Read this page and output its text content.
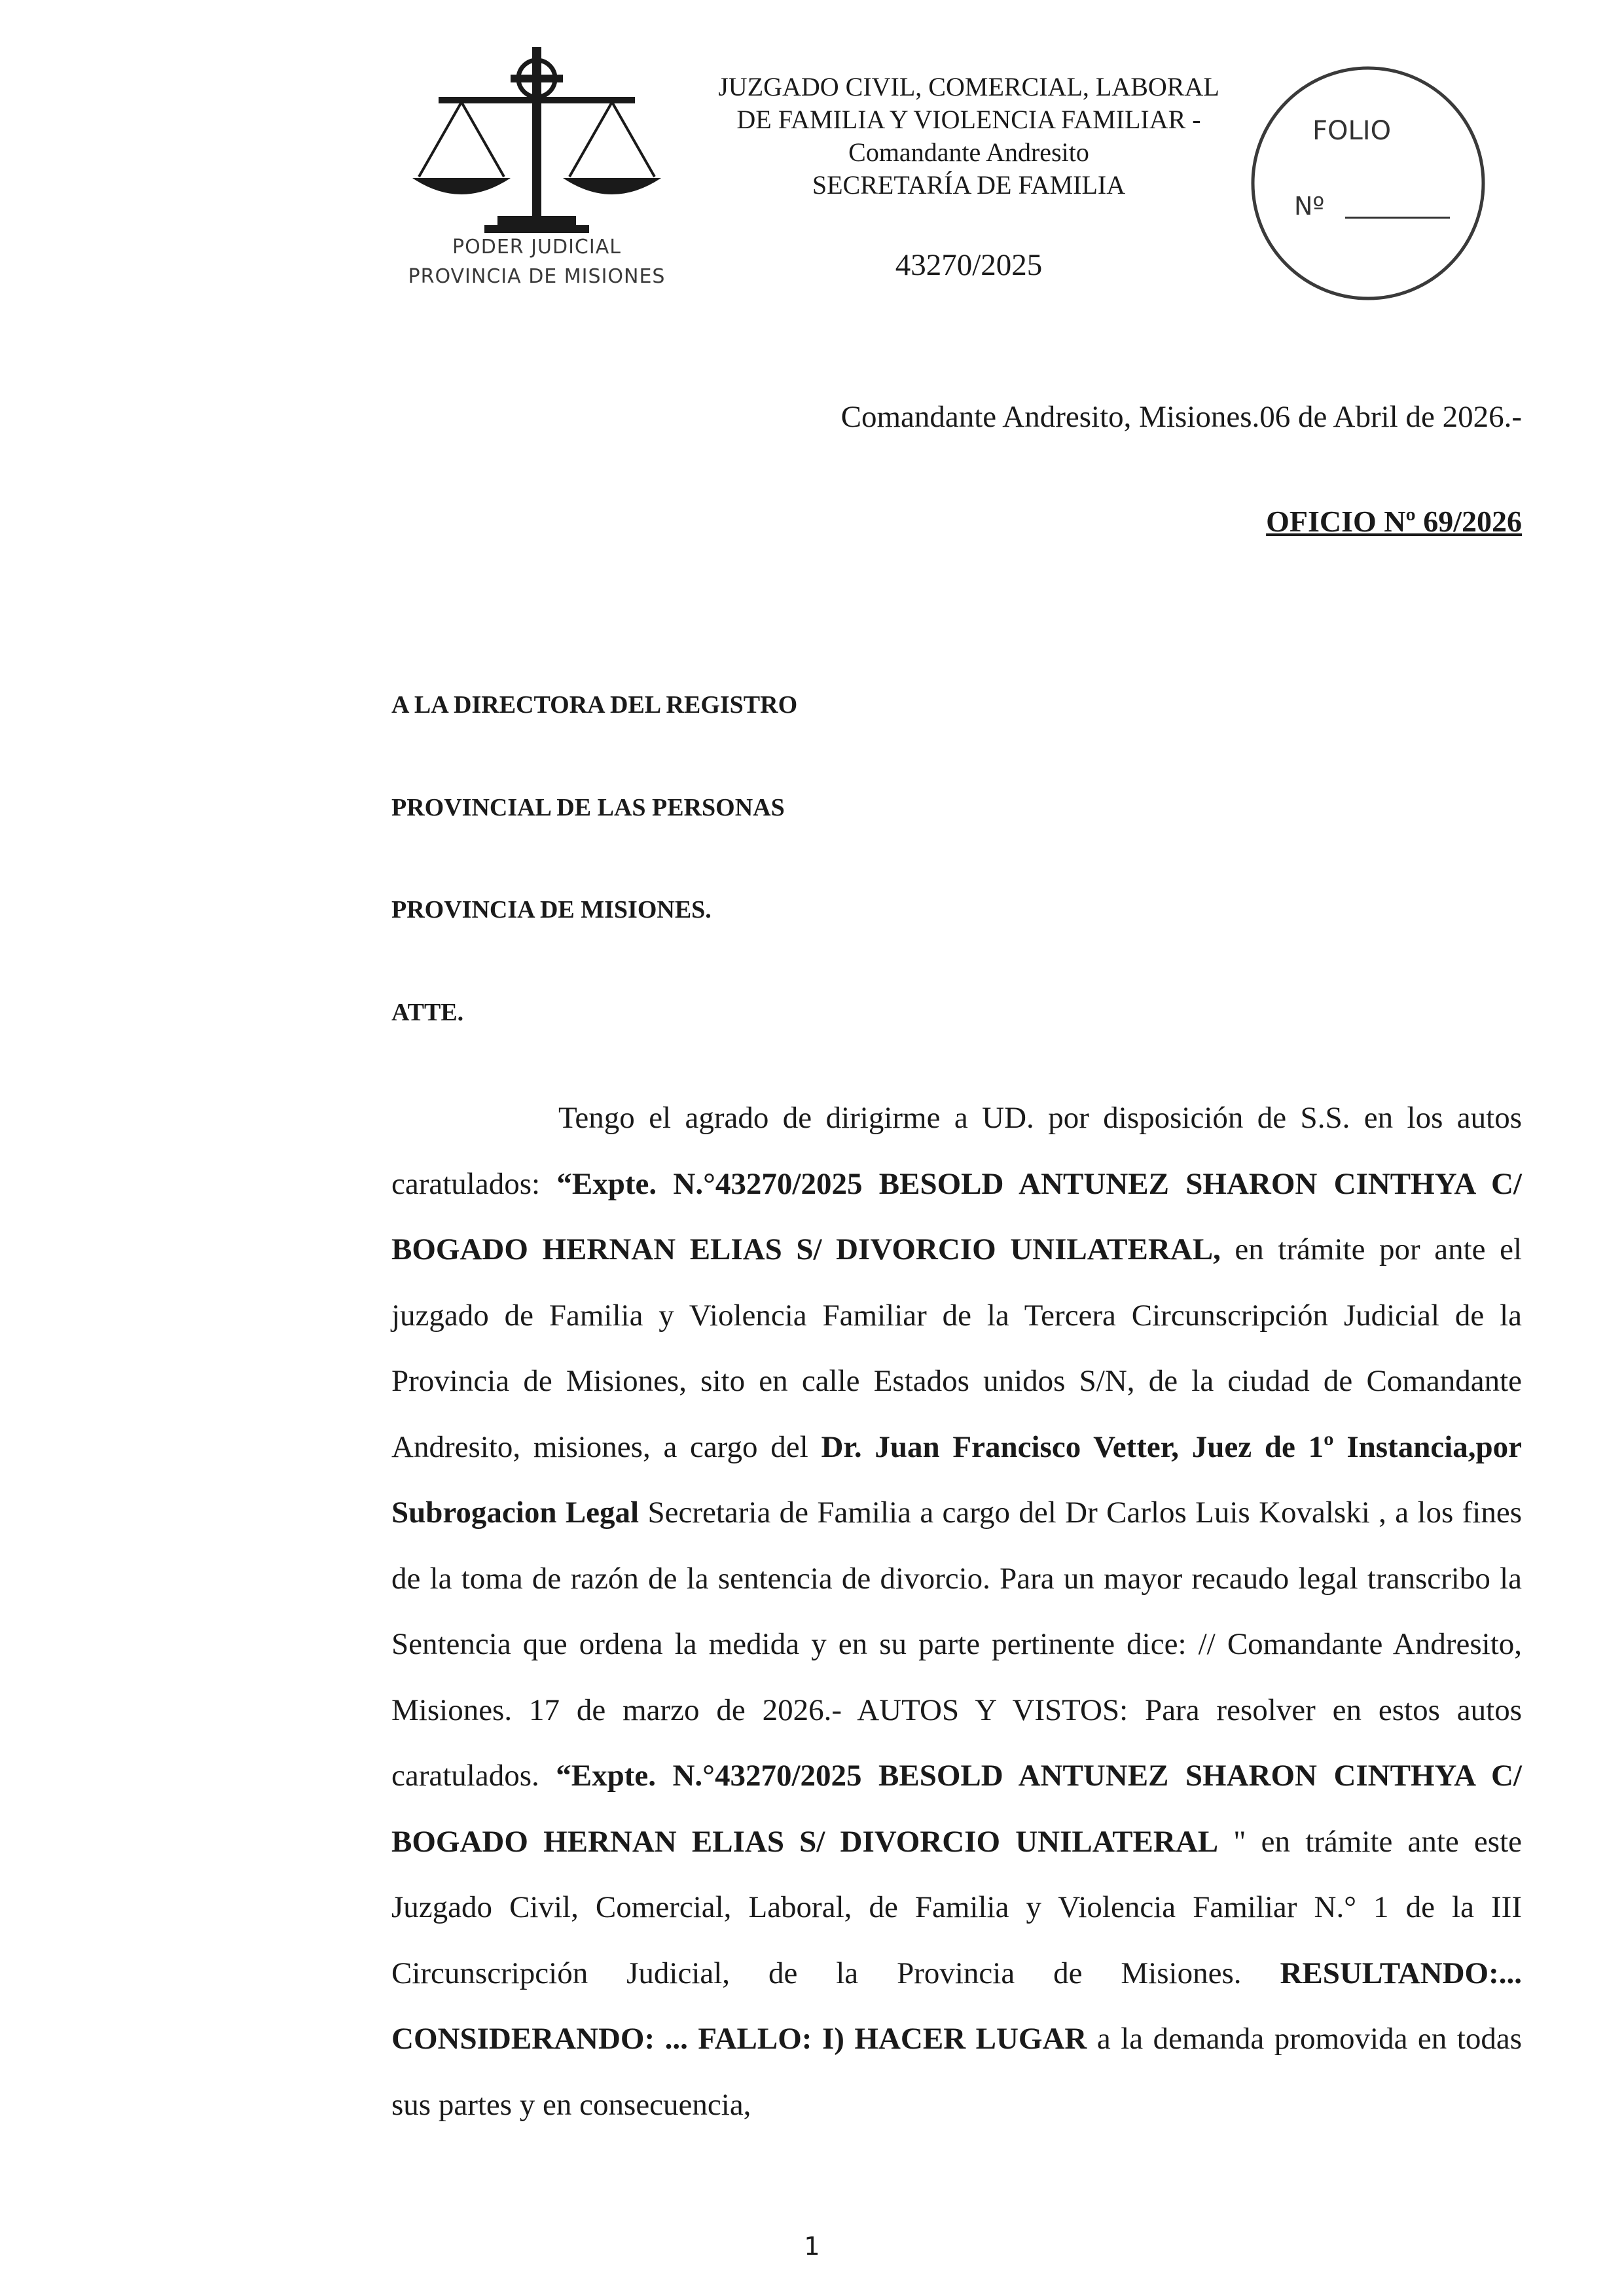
PODER JUDICIAL
PROVINCIA DE MISIONES
JUZGADO CIVIL, COMERCIAL, LABORAL
DE FAMILIA Y VIOLENCIA FAMILIAR -
Comandante Andresito
SECRETARÍA DE FAMILIA
43270/2025
FOLIO
Nº
Comandante Andresito, Misiones.06 de Abril de 2026.-
OFICIO Nº 69/2026
A LA DIRECTORA DEL REGISTRO
PROVINCIAL DE LAS PERSONAS
PROVINCIA DE MISIONES.
ATTE.

Tengo el agrado de dirigirme a UD. por disposición de S.S. en los autos caratulados: “Expte. N.°43270/2025 BESOLD ANTUNEZ SHARON CINTHYA C/ BOGADO HERNAN ELIAS S/ DIVORCIO UNILATERAL, en trámite por ante el juzgado de Familia y Violencia Familiar de la Tercera Circunscripción Judicial de la Provincia de Misiones, sito en calle Estados unidos S/N, de la ciudad de Comandante Andresito, misiones, a cargo del Dr. Juan Francisco Vetter, Juez de 1º Instancia,por Subrogacion Legal Secretaria de Familia a cargo del Dr Carlos Luis Kovalski , a los fines de la toma de razón de la sentencia de divorcio. Para un mayor recaudo legal transcribo la Sentencia que ordena la medida y en su parte pertinente dice: // Comandante Andresito, Misiones. 17 de marzo de 2026.- AUTOS Y VISTOS: Para resolver en estos autos caratulados. “Expte. N.°43270/2025 BESOLD ANTUNEZ SHARON CINTHYA C/ BOGADO HERNAN ELIAS S/ DIVORCIO UNILATERAL " en trámite ante este Juzgado Civil, Comercial, Laboral, de Familia y Violencia Familiar N.° 1 de la III Circunscripción Judicial, de la Provincia de Misiones. RESULTANDO:... CONSIDERANDO: ... FALLO: I) HACER LUGAR a la demanda promovida en todas sus partes y en consecuencia,

1
